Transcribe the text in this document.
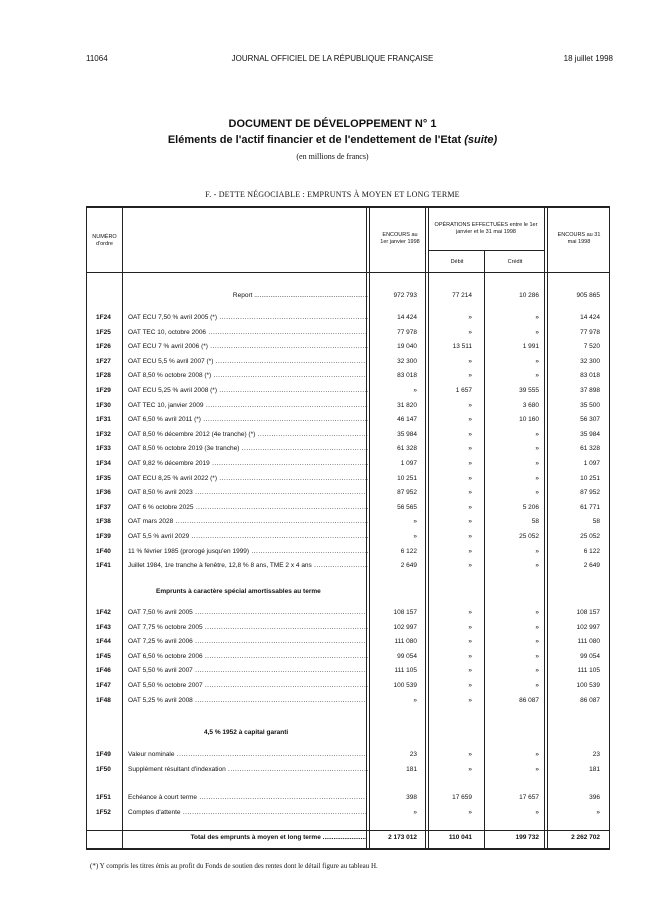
11064	JOURNAL OFFICIEL DE LA RÉPUBLIQUE FRANÇAISE	18 juillet 1998
DOCUMENT DE DÉVELOPPEMENT N° 1
Eléments de l'actif financier et de l'endettement de l'Etat (suite)
(en millions de francs)
F. - DETTE NÉGOCIABLE : EMPRUNTS À MOYEN ET LONG TERME
NUMÉRO d'ordre
ENCOURS au 1er janvier 1998
OPÉRATIONS EFFECTUÉES entre le 1er janvier et le 31 mai 1998
Débit	Crédit
ENCOURS au 31 mai 1998
Report ...............................................................	972 793	77 214	10 286	905 865
1F24	OAT ECU 7,50 % avril 2005 (*) .....	14 424	»	»	14 424
1F25	OAT TEC 10, octobre 2006 .....	77 978	»	»	77 978
1F26	OAT ECU 7 % avril 2006 (*) .....	19 040	13 511	1 991	7 520
1F27	OAT ECU 5,5 % avril 2007 (*) .....	32 300	»	»	32 300
1F28	OAT 8,50 % octobre 2008 (*) .....	83 018	»	»	83 018
1F29	OAT ECU 5,25 % avril 2008 (*) .....	»	1 657	39 555	37 898
1F30	OAT TEC 10, janvier 2009 .....	31 820	»	3 680	35 500
1F31	OAT 6,50 % avril 2011 (*) .....	46 147	»	10 160	56 307
1F32	OAT 8,50 % décembre 2012 (4e tranche) (*) .....	35 984	»	»	35 984
1F33	OAT 8,50 % octobre 2019 (3e tranche) .....	61 328	»	»	61 328
1F34	OAT 9,82 % décembre 2019 .....	1 097	»	»	1 097
1F35	OAT ECU 8,25 % avril 2022 (*) .....	10 251	»	»	10 251
1F36	OAT 8,50 % avril 2023 .....	87 952	»	»	87 952
1F37	OAT 6 % octobre 2025 .....	56 565	»	5 206	61 771
1F38	OAT mars 2028 .....	»	»	58	58
1F39	OAT 5,5 % avril 2029 .....	»	»	25 052	25 052
1F40	11 % février 1985 (prorogé jusqu'en 1999) .....	6 122	»	»	6 122
1F41	Juillet 1984, 1re tranche à fenêtre, 12,8 % 8 ans, TME 2 x 4 ans .....	2 649	»	»	2 649
Emprunts à caractère spécial amortissables au terme
1F42	OAT 7,50 % avril 2005 .....	108 157	»	»	108 157
1F43	OAT 7,75 % octobre 2005 .....	102 997	»	»	102 997
1F44	OAT 7,25 % avril 2006 .....	111 080	»	»	111 080
1F45	OAT 6,50 % octobre 2006 .....	99 054	»	»	99 054
1F46	OAT 5,50 % avril 2007 .....	111 105	»	»	111 105
1F47	OAT 5,50 % octobre 2007 .....	100 539	»	»	100 539
1F48	OAT 5,25 % avril 2008 .....	»	»	86 087	86 087
4,5 % 1952 à capital garanti
1F49	Valeur nominale .....	23	»	»	23
1F50	Supplément résultant d'indexation .....	181	»	»	181
1F51	Echéance à court terme .....	398	17 659	17 657	396
1F52	Comptes d'attente .....	»	»	»	»
Total des emprunts à moyen et long terme ........................	2 173 012	110 041	199 732	2 262 702
(*) Y compris les titres émis au profit du Fonds de soutien des rentes dont le détail figure au tableau H.
